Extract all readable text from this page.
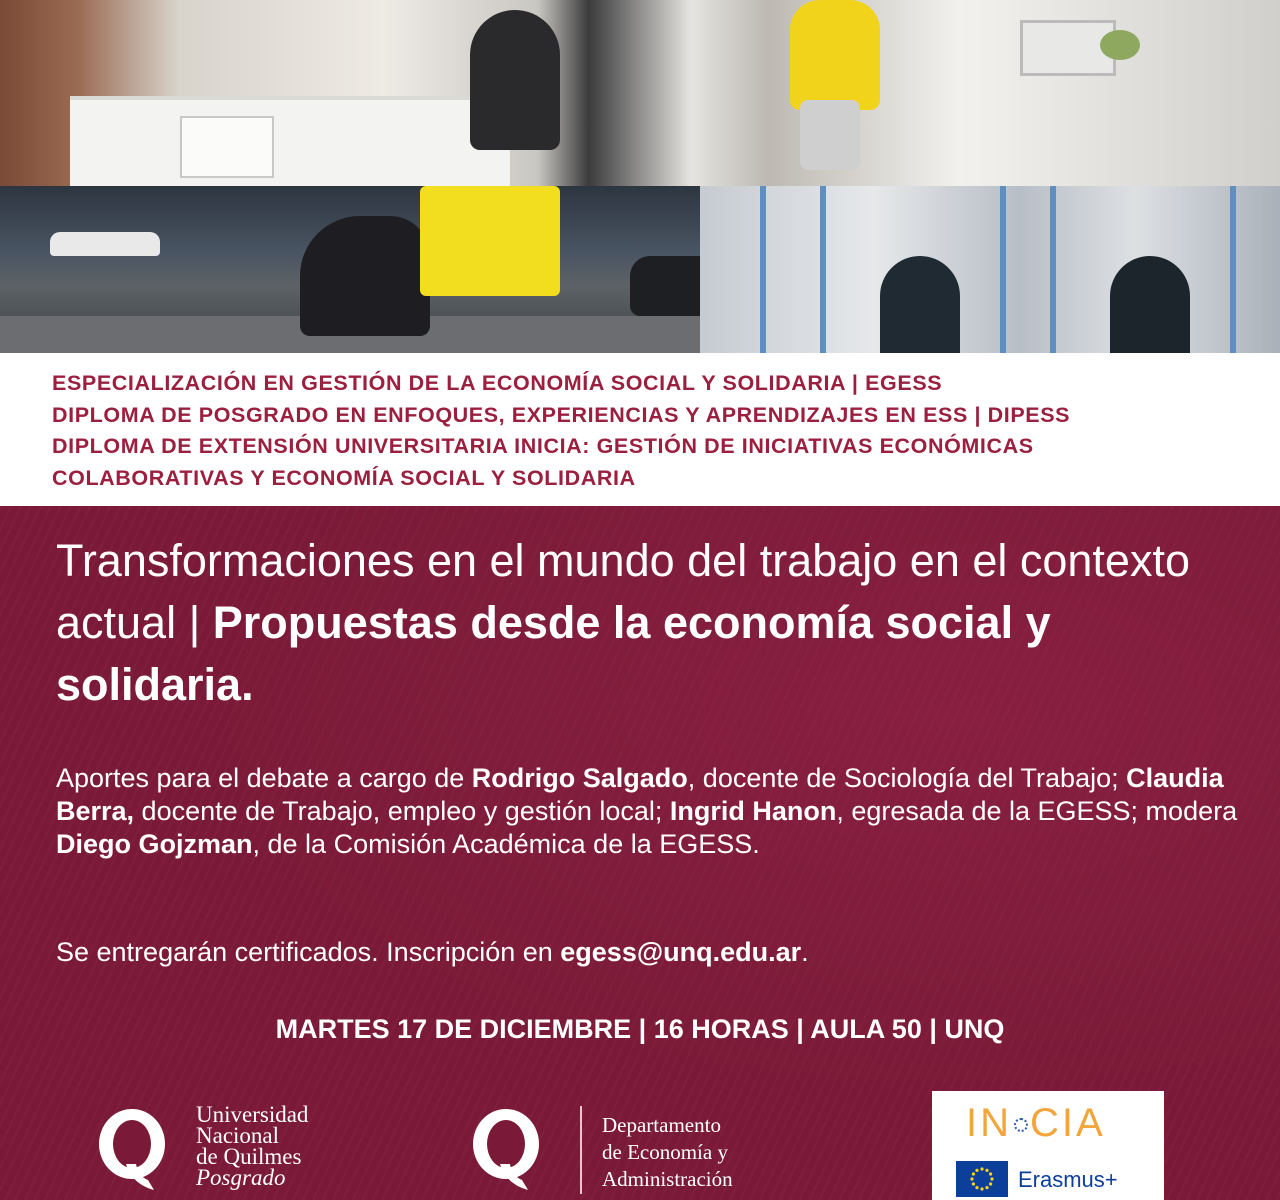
ESPECIALIZACIÓN EN GESTIÓN DE LA ECONOMÍA SOCIAL Y SOLIDARIA | EGESS

DIPLOMA DE POSGRADO EN ENFOQUES, EXPERIENCIAS Y APRENDIZAJES EN ESS | DIPESS

DIPLOMA DE EXTENSIÓN UNIVERSITARIA INICIA: GESTIÓN DE INICIATIVAS ECONÓMICAS

COLABORATIVAS Y ECONOMÍA SOCIAL Y SOLIDARIA

Transformaciones en el mundo del trabajo en el contexto actual | Propuestas desde la economía social y solidaria.

Aportes para el debate a cargo de Rodrigo Salgado, docente de Sociología del Trabajo; Claudia Berra, docente de Trabajo, empleo y gestión local; Ingrid Hanon, egresada de la EGESS; modera Diego Gojzman, de la Comisión Académica de la EGESS.

Se entregarán certificados. Inscripción en egess@unq.edu.ar.

MARTES 17 DE DICIEMBRE | 16 HORAS | AULA 50 | UNQ

Universidad
Nacional
de Quilmes
Posgrado
Departamento
de Economía y
Administración
IN CIA
Erasmus+
